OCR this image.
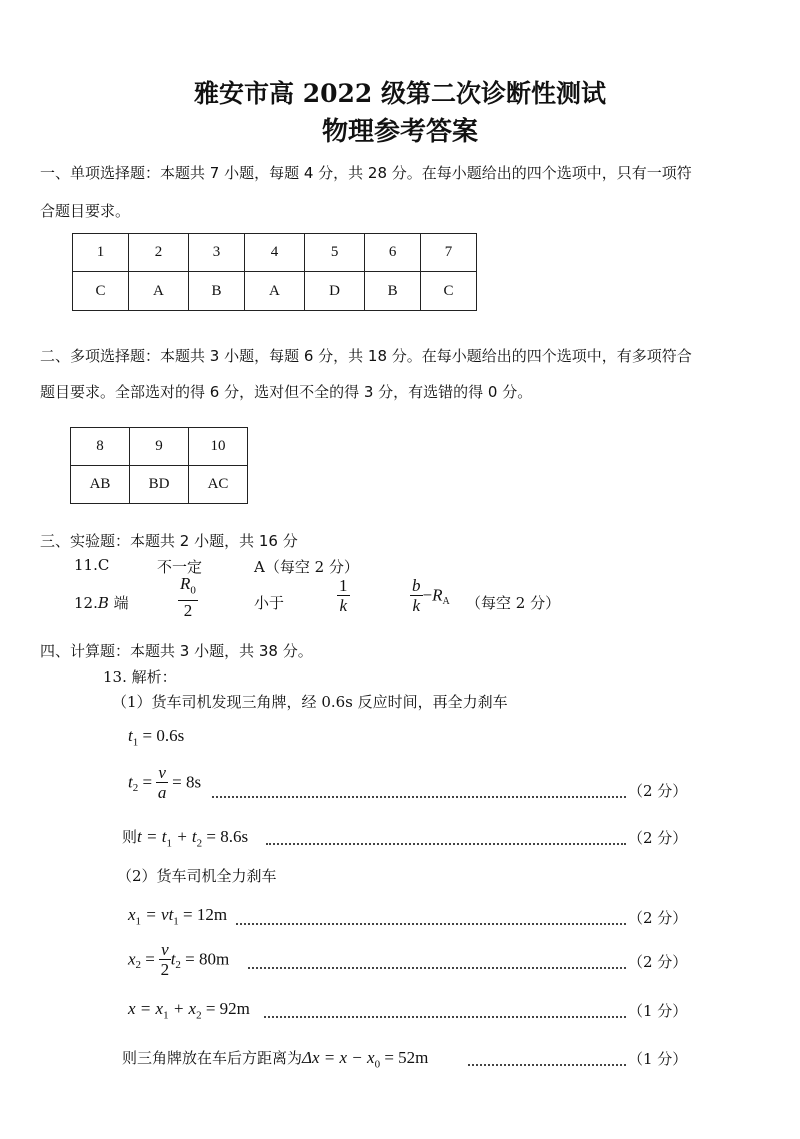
雅安市高 2022 级第二次诊断性测试
物理参考答案
一、单项选择题：本题共 7 小题，每题 4 分，共 28 分。在每小题给出的四个选项中，只有一项符
合题目要求。
1	2	3	4	5	6	7
C	A	B	A	D	B	C
二、多项选择题：本题共 3 小题，每题 6 分，共 18 分。在每小题给出的四个选项中，有多项符合
题目要求。全部选对的得 6 分，选对但不全的得 3 分，有选错的得 0 分。
8	9	10
AB	BD	AC
三、实验题：本题共 2 小题，共 16 分
11.C	不一定	A（每空 2 分）
12.B 端	$\frac{R_0}{2}$	小于	$\frac{1}{k}$	$\frac{b}{k} -R_A$ （每空 2 分）
四、计算题：本题共 3 小题，共 38 分。
13. 解析：
（1）货车司机发现三角牌，经 0.6s 反应时间，再全力刹车
$t_1 = 0.6s$
$t_2 = \frac{v}{a} = 8s$	（2 分）
则$t = t_1 + t_2 = 8.6s$	（2 分）
（2）货车司机全力刹车
$x_1 = vt_1 = 12m$	（2 分）
$x_2 = \frac{v}{2} t_2 = 80m$	（2 分）
$x = x_1 + x_2 = 92m$	（1 分）
则三角牌放在车后方距离为$\Delta x = x - x_0 = 52m$	（1 分）
